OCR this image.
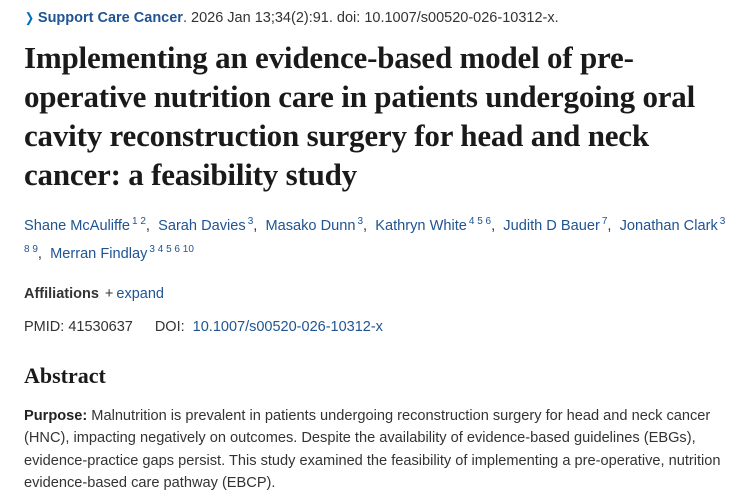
❯ Support Care Cancer. 2026 Jan 13;34(2):91. doi: 10.1007/s00520-026-10312-x.
Implementing an evidence-based model of pre-operative nutrition care in patients undergoing oral cavity reconstruction surgery for head and neck cancer: a feasibility study
Shane McAuliffe $^{1 2}$,  Sarah Davies $^3$,  Masako Dunn $^3$,  Kathryn White $^{4 5 6}$,  Judith D Bauer $^7$,  Jonathan Clark $^{3 8 9}$,  Merran Findlay $^{3 4 5 6 10}$
Affiliations + expand
PMID: 41530637 DOI: 10.1007/s00520-026-10312-x
Abstract
Purpose: Malnutrition is prevalent in patients undergoing reconstruction surgery for head and neck cancer (HNC), impacting negatively on outcomes. Despite the availability of evidence-based guidelines (EBGs), evidence-practice gaps persist. This study examined the feasibility of implementing a pre-operative, nutrition evidence-based care pathway (EBCP).
